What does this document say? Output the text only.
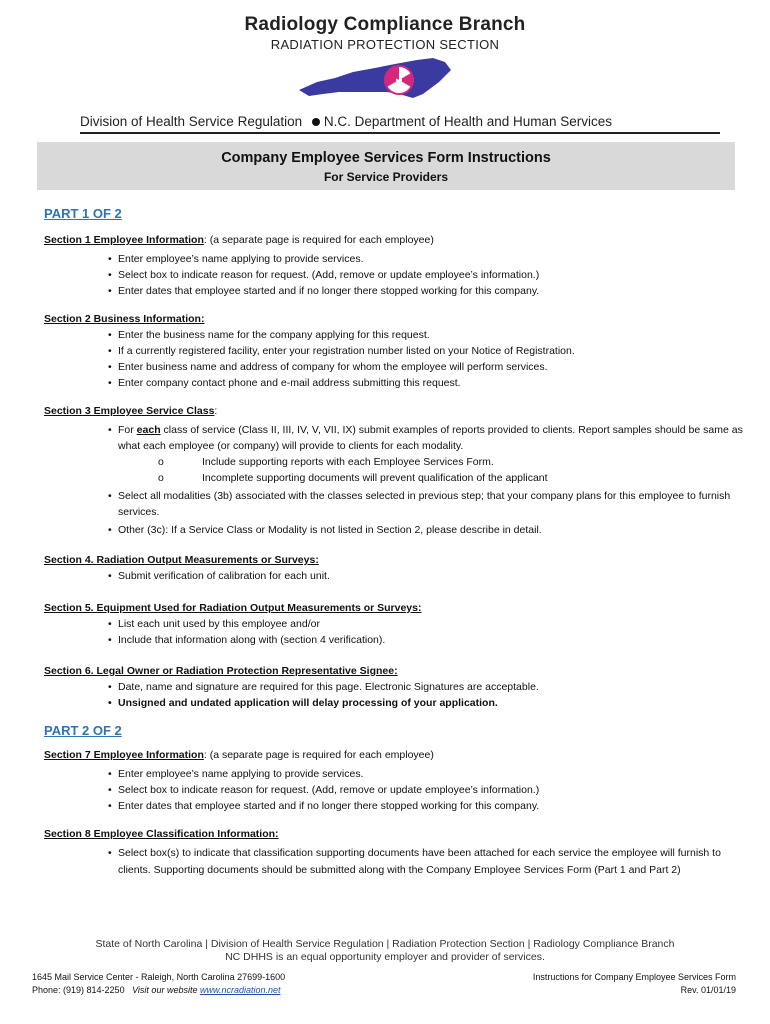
Radiology Compliance Branch
RADIATION PROTECTION SECTION
Division of Health Service Regulation N.C. Department of Health and Human Services
Company Employee Services Form Instructions
For Service Providers

PART 1 OF 2

Section 1 Employee Information: (a separate page is required for each employee)

• Enter employee’s name applying to provide services.
• Select box to indicate reason for request. (Add, remove or update employee’s information.)
• Enter dates that employee started and if no longer there stopped working for this company.

Section 2 Business Information:

• Enter the business name for the company applying for this request.
• If a currently registered facility, enter your registration number listed on your Notice of Registration.
• Enter business name and address of company for whom the employee will perform services.
• Enter company contact phone and e-mail address submitting this request.

Section 3 Employee Service Class:

• For each class of service (Class II, III, IV, V, VII, IX) submit examples of reports provided to clients. Report samples should be same as what each employee (or company) will provide to clients for each modality.
o Include supporting reports with each Employee Services Form.
o Incomplete supporting documents will prevent qualification of the applicant
• Select all modalities (3b) associated with the classes selected in previous step; that your company plans for this employee to furnish services.
• Other (3c): If a Service Class or Modality is not listed in Section 2, please describe in detail.

Section 4. Radiation Output Measurements or Surveys:

• Submit verification of calibration for each unit.

Section 5. Equipment Used for Radiation Output Measurements or Surveys:

• List each unit used by this employee and/or
• Include that information along with (section 4 verification).

Section 6. Legal Owner or Radiation Protection Representative Signee:

• Date, name and signature are required for this page. Electronic Signatures are acceptable.
• Unsigned and undated application will delay processing of your application.

PART 2 OF 2

Section 7 Employee Information: (a separate page is required for each employee)

• Enter employee’s name applying to provide services.
• Select box to indicate reason for request. (Add, remove or update employee’s information.)
• Enter dates that employee started and if no longer there stopped working for this company.

Section 8 Employee Classification Information:

• Select box(s) to indicate that classification supporting documents have been attached for each service the employee will furnish to clients. Supporting documents should be submitted along with the Company Employee Services Form (Part 1 and Part 2)
State of North Carolina | Division of Health Service Regulation | Radiation Protection Section | Radiology Compliance Branch
NC DHHS is an equal opportunity employer and provider of services.
1645 Mail Service Center - Raleigh, North Carolina 27699-1600
Phone: (919) 814-2250 Visit our website www.ncradiation.net
Instructions for Company Employee Services Form
Rev. 01/01/19
